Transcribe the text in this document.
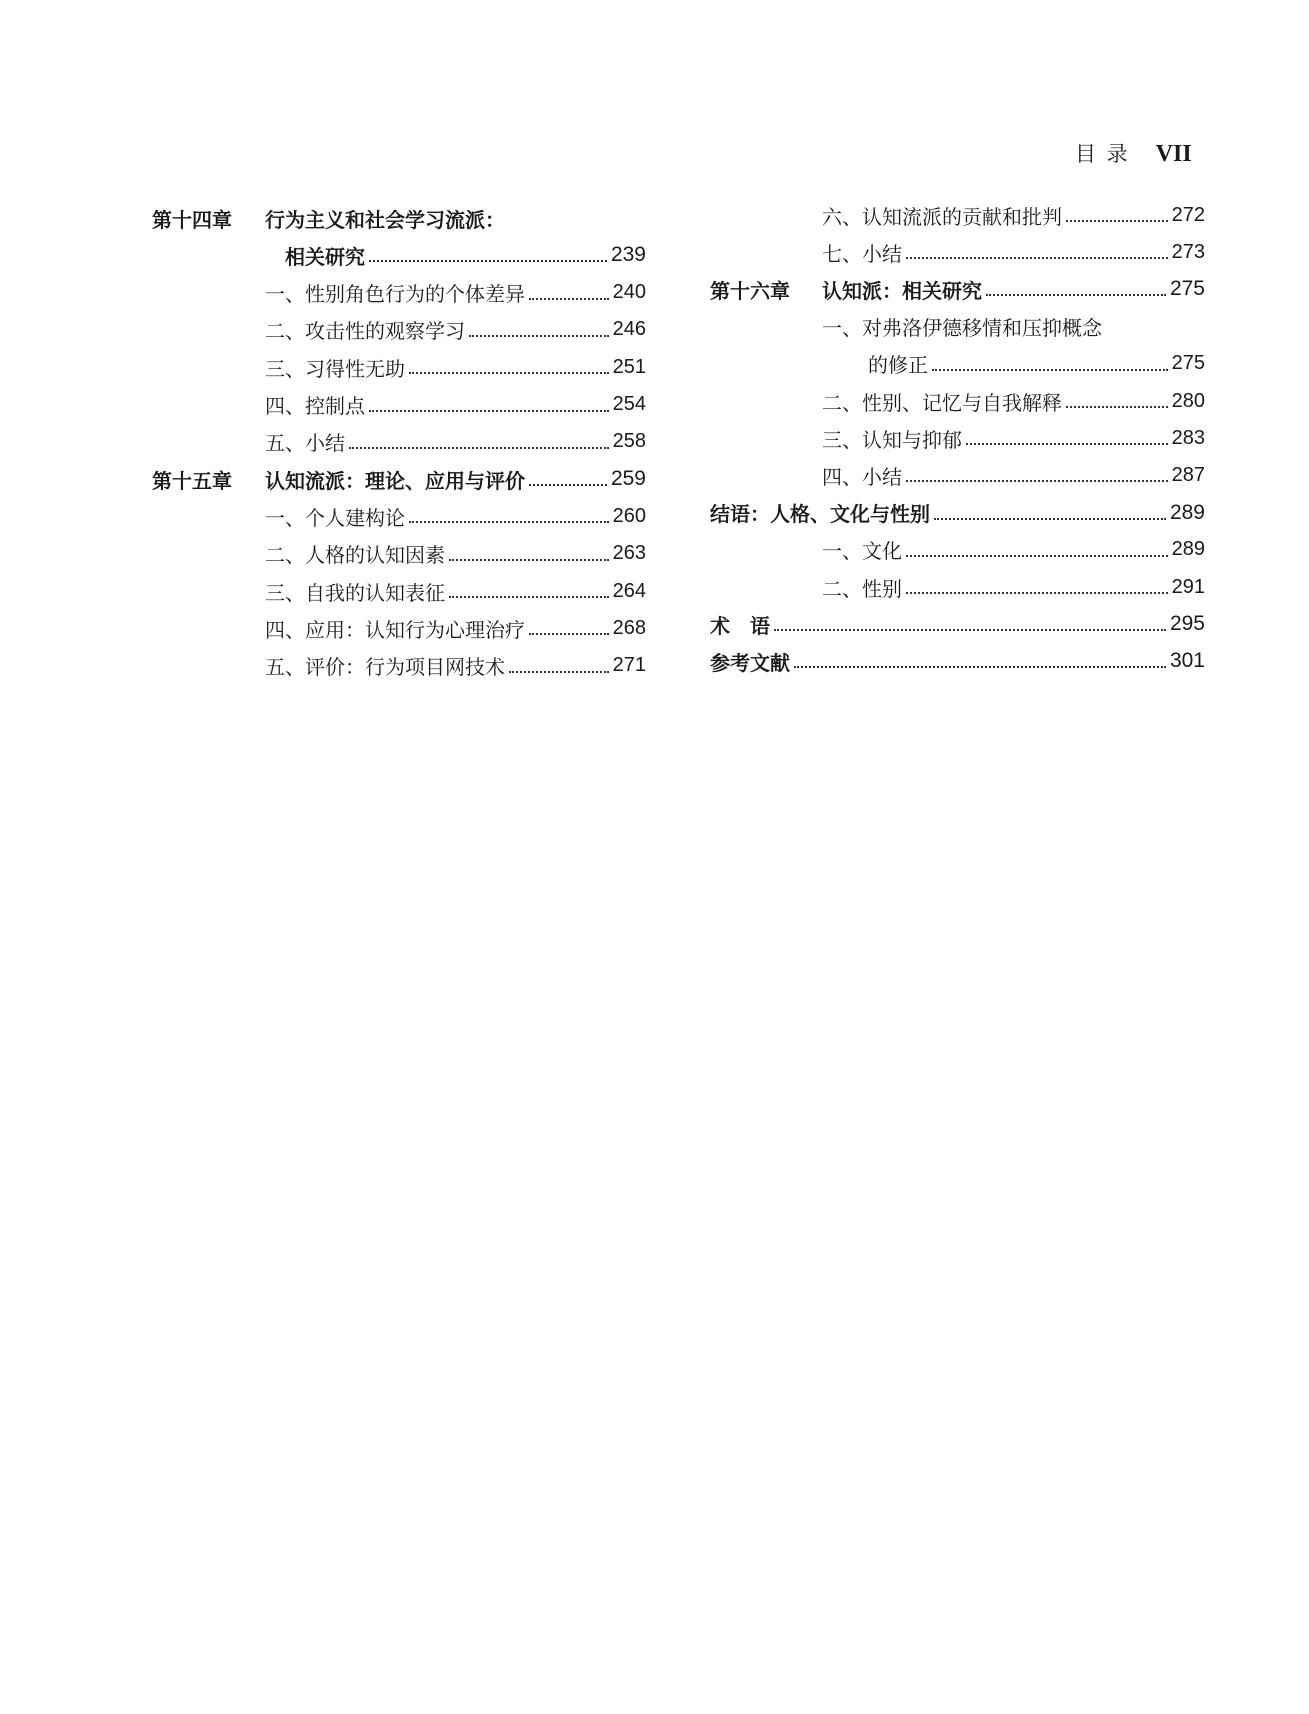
目 录 VII
第十四章	行为主义和社会学习流派：
相关研究	239
一、性别角色行为的个体差异	240
二、攻击性的观察学习	246
三、习得性无助	251
四、控制点	254
五、小结	258
第十五章	认知流派：理论、应用与评价	259
一、个人建构论	260
二、人格的认知因素	263
三、自我的认知表征	264
四、应用：认知行为心理治疗	268
五、评价：行为项目网技术	271
六、认知流派的贡献和批判	272
七、小结	273
第十六章	认知派：相关研究	275
一、对弗洛伊德移情和压抑概念
的修正	275
二、性别、记忆与自我解释	280
三、认知与抑郁	283
四、小结	287
结语：人格、文化与性别	289
一、文化	289
二、性别	291
术　语	295
参考文献	301
